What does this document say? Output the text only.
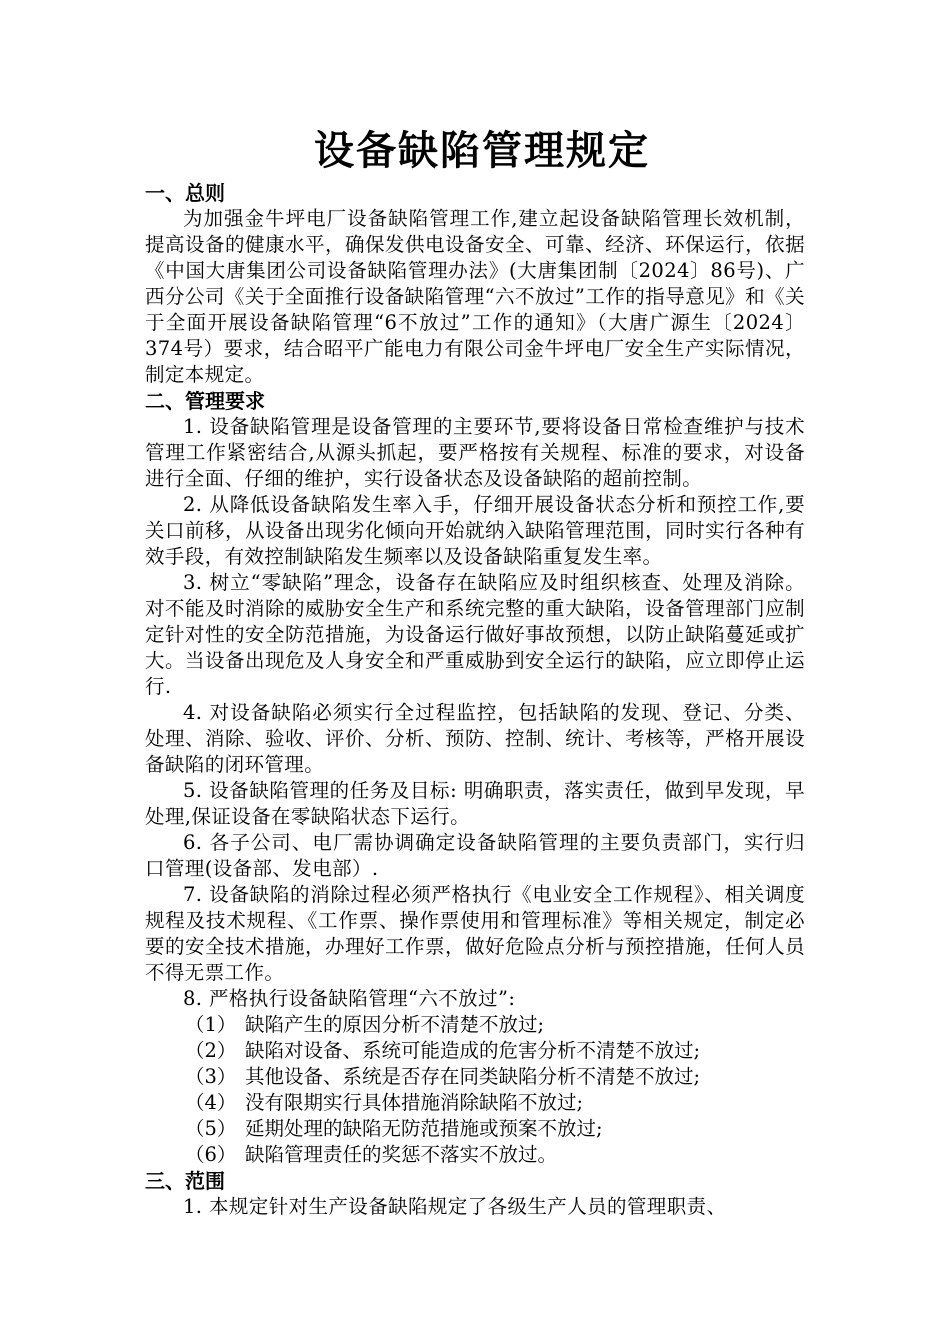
设备缺陷管理规定

一、总则

为加强金牛坪电厂设备缺陷管理工作,建立起设备缺陷管理长效机制，提高设备的健康水平，确保发供电设备安全、可靠、经济、环保运行，依据《中国大唐集团公司设备缺陷管理办法》(大唐集团制〔2024〕86号)、广西分公司《关于全面推行设备缺陷管理“六不放过”工作的指导意见》和《关于全面开展设备缺陷管理“6不放过”工作的通知》（大唐广源生〔2024〕374号）要求，结合昭平广能电力有限公司金牛坪电厂安全生产实际情况，制定本规定。

二、管理要求

1. 设备缺陷管理是设备管理的主要环节,要将设备日常检查维护与技术管理工作紧密结合,从源头抓起，要严格按有关规程、标准的要求，对设备进行全面、仔细的维护，实行设备状态及设备缺陷的超前控制。

2. 从降低设备缺陷发生率入手，仔细开展设备状态分析和预控工作,要关口前移，从设备出现劣化倾向开始就纳入缺陷管理范围，同时实行各种有效手段，有效控制缺陷发生频率以及设备缺陷重复发生率。

3. 树立“零缺陷”理念，设备存在缺陷应及时组织核查、处理及消除。对不能及时消除的威胁安全生产和系统完整的重大缺陷，设备管理部门应制定针对性的安全防范措施，为设备运行做好事故预想，以防止缺陷蔓延或扩大。当设备出现危及人身安全和严重威胁到安全运行的缺陷，应立即停止运行.

4. 对设备缺陷必须实行全过程监控，包括缺陷的发现、登记、分类、处理、消除、验收、评价、分析、预防、控制、统计、考核等，严格开展设备缺陷的闭环管理。

5. 设备缺陷管理的任务及目标: 明确职责，落实责任，做到早发现，早处理,保证设备在零缺陷状态下运行。

6. 各子公司、电厂需协调确定设备缺陷管理的主要负责部门，实行归口管理(设备部、发电部）.

7. 设备缺陷的消除过程必须严格执行《电业安全工作规程》、相关调度规程及技术规程、《工作票、操作票使用和管理标准》等相关规定，制定必要的安全技术措施，办理好工作票，做好危险点分析与预控措施，任何人员不得无票工作。

8. 严格执行设备缺陷管理“六不放过”:

（1） 缺陷产生的原因分析不清楚不放过;

（2） 缺陷对设备、系统可能造成的危害分析不清楚不放过;

（3） 其他设备、系统是否存在同类缺陷分析不清楚不放过;

（4） 没有限期实行具体措施消除缺陷不放过;

（5） 延期处理的缺陷无防范措施或预案不放过;

（6） 缺陷管理责任的奖惩不落实不放过。

三、范围

1. 本规定针对生产设备缺陷规定了各级生产人员的管理职责、
